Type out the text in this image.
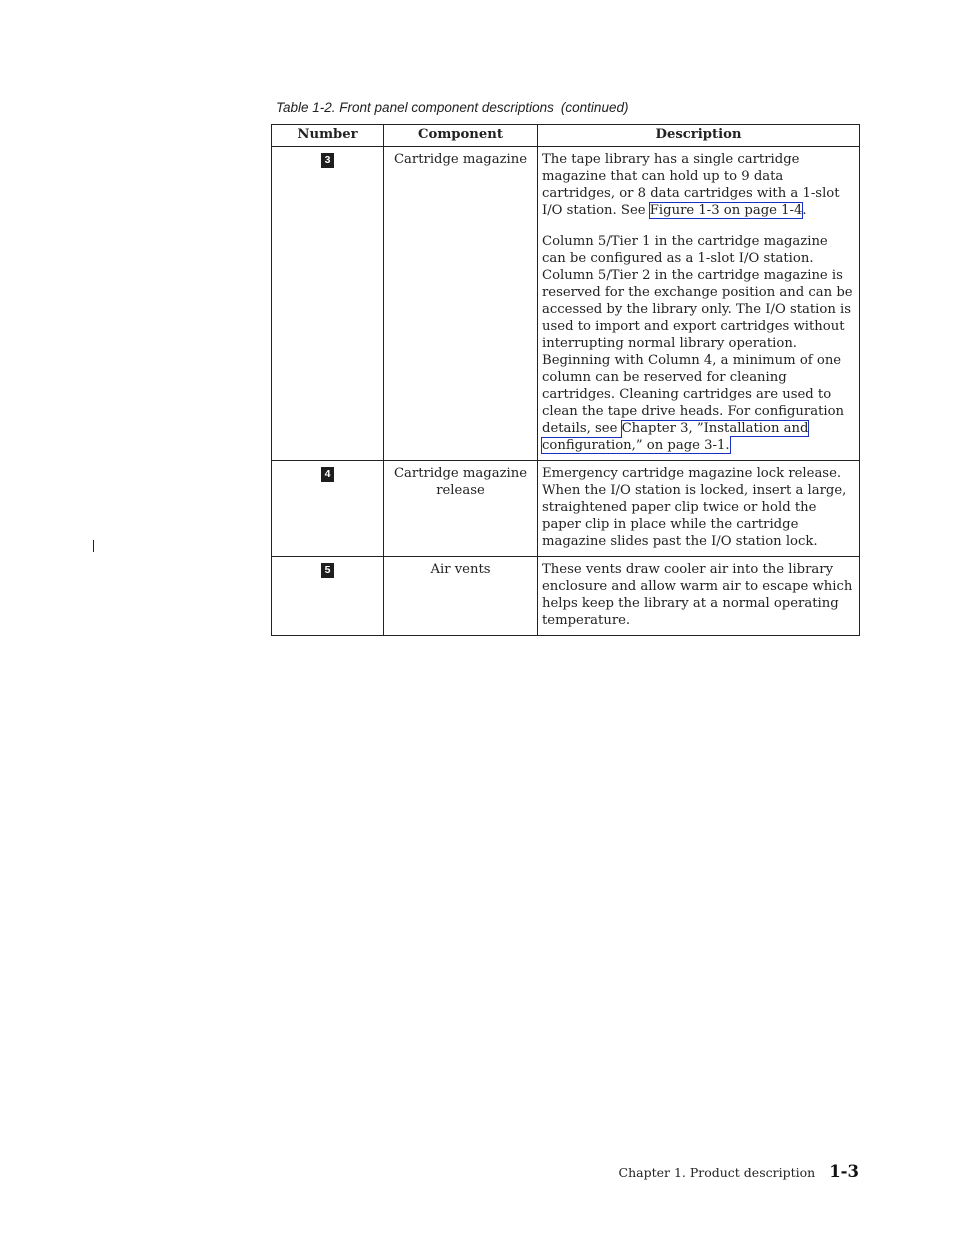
Table 1-2. Front panel component descriptions (continued)
Number	Component	Description
3	Cartridge magazine	The tape library has a single cartridge magazine that can hold up to 9 data cartridges, or 8 data cartridges with a 1-slot I/O station. See Figure 1-3 on page 1-4.

Column 5/Tier 1 in the cartridge magazine can be configured as a 1-slot I/O station. Column 5/Tier 2 in the cartridge magazine is reserved for the exchange position and can be accessed by the library only. The I/O station is used to import and export cartridges without interrupting normal library operation. Beginning with Column 4, a minimum of one column can be reserved for cleaning cartridges. Cleaning cartridges are used to clean the tape drive heads. For configuration details, see Chapter 3, ”Installation and configuration,” on page 3-1.

4	Cartridge magazine release	Emergency cartridge magazine lock release. When the I/O station is locked, insert a large, straightened paper clip twice or hold the paper clip in place while the cartridge magazine slides past the I/O station lock.
5	Air vents	These vents draw cooler air into the library enclosure and allow warm air to escape which helps keep the library at a normal operating temperature.
Chapter 1. Product description 1-3
